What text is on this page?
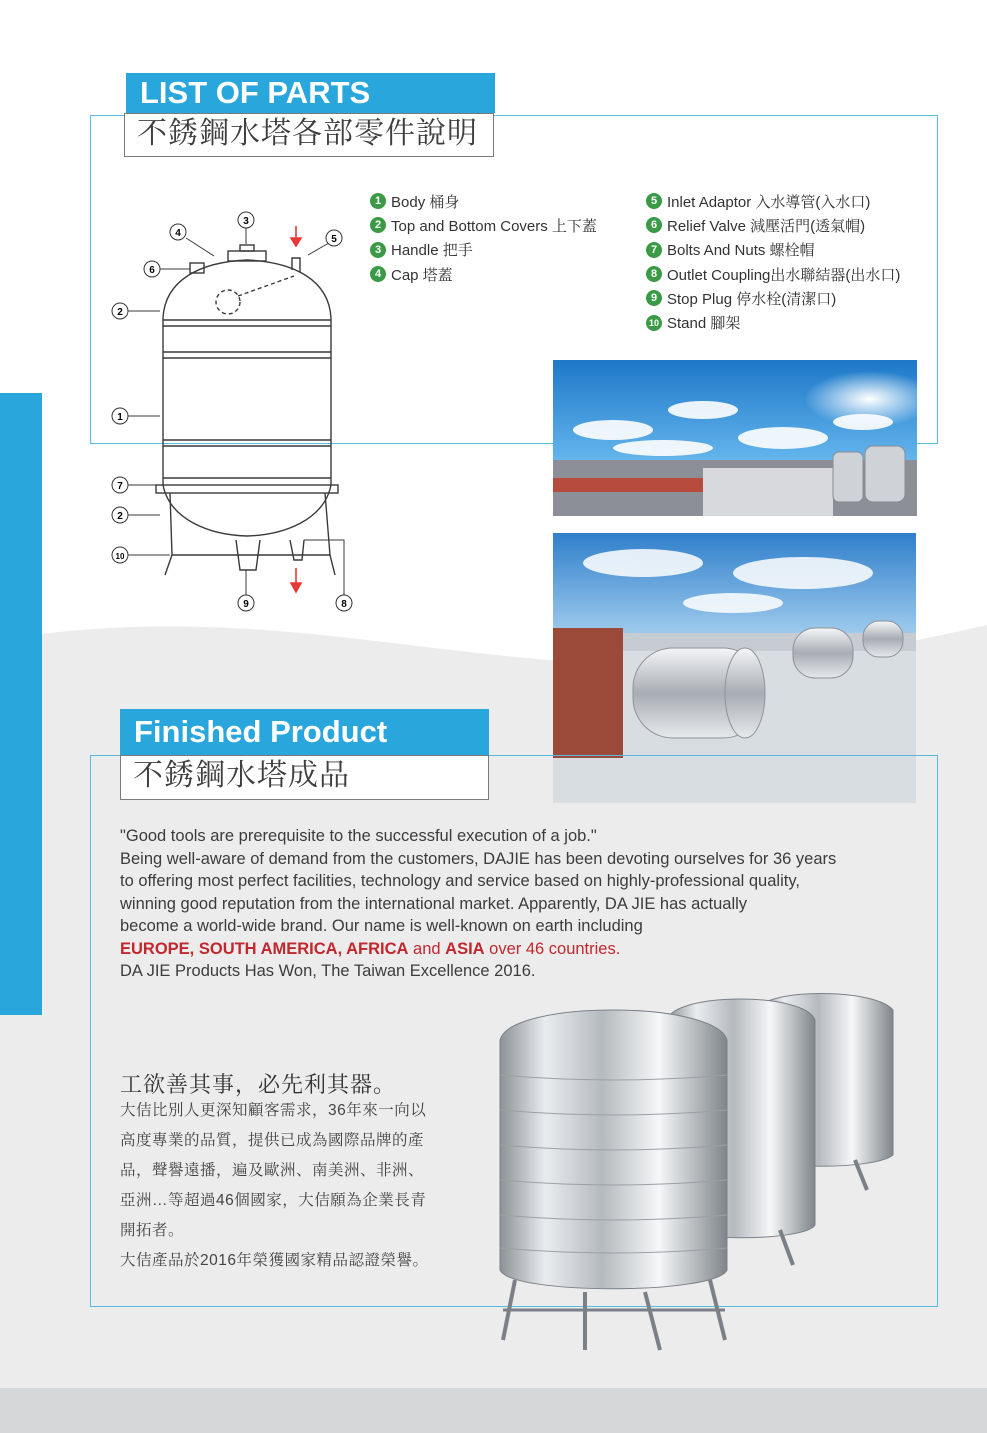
LIST OF PARTS
不銹鋼水塔各部零件說明
1 Body 桶身
2 Top and Bottom Covers 上下蓋
3 Handle 把手
4 Cap 塔蓋
5 Inlet Adaptor 入水導管(入水口)
6 Relief Valve 減壓活門(透氣帽)
7 Bolts And Nuts 螺栓帽
8 Outlet Coupling出水聯結器(出水口)
9 Stop Plug 停水栓(清潔口)
10 Stand 腳架
3
4
5
6
2
1
7
2
10
9	8
Finished Product
不銹鋼水塔成品

"Good tools are prerequisite to the successful execution of a job."

Being well-aware of demand from the customers, DAJIE has been devoting ourselves for 36 years

to offering most perfect facilities, technology and service based on highly-professional quality,

winning good reputation from the international market. Apparently, DA JIE has actually

become a world-wide brand. Our name is well-known on earth including

EUROPE, SOUTH AMERICA, AFRICA and ASIA over 46 countries.

DA JIE Products Has Won, The Taiwan Excellence 2016.

工欲善其事，必先利其器。

大佶比別人更深知顧客需求，36年來一向以

高度專業的品質，提供已成為國際品牌的產

品，聲譽遠播，遍及歐洲、南美洲、非洲、

亞洲…等超過46個國家，大佶願為企業長青

開拓者。

大佶產品於2016年榮獲國家精品認證榮譽。
